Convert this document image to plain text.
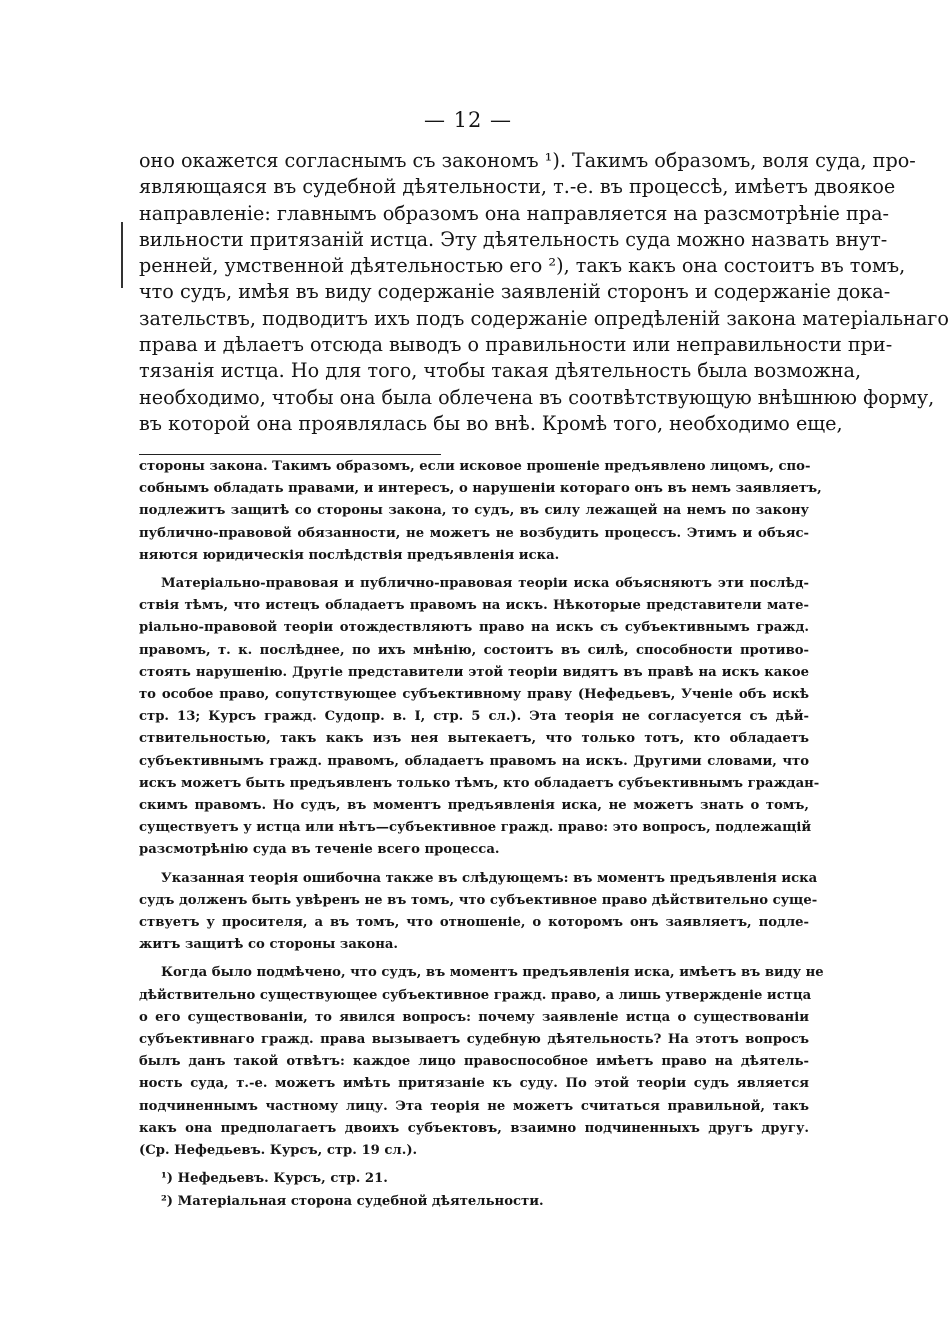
— 12 —
оно окажется согласнымъ съ закономъ ¹). Такимъ образомъ, воля суда, про-
являющаяся въ судебной дѣятельности, т.-е. въ процессѣ, имѣетъ двоякое
направленіе: главнымъ образомъ она направляется на разсмотрѣніе пра-
вильности притязаній истца. Эту дѣятельность суда можно назвать внут-
ренней, умственной дѣятельностью его ²), такъ какъ она состоитъ въ томъ,
что судъ, имѣя въ виду содержаніе заявленій сторонъ и содержаніе дока-
зательствъ, подводитъ ихъ подъ содержаніе опредѣленій закона матеріальнаго
права и дѣлаетъ отсюда выводъ о правильности или неправильности при-
тязанія истца. Но для того, чтобы такая дѣятельность была возможна,
необходимо, чтобы она была облечена въ соотвѣтствующую внѣшнюю форму,
въ которой она проявлялась бы во внѣ. Кромѣ того, необходимо еще,
стороны закона. Такимъ образомъ, если исковое прошеніе предъявлено лицомъ, спо-
собнымъ обладать правами, и интересъ, о нарушеніи котораго онъ въ немъ заявляетъ,
подлежитъ защитѣ со стороны закона, то судъ, въ силу лежащей на немъ по закону
публично-правовой обязанности, не можетъ не возбудить процессъ. Этимъ и объяс-
няются юридическія послѣдствія предъявленія иска.
Матеріально-правовая и публично-правовая теоріи иска объясняютъ эти послѣд-
ствія тѣмъ, что истецъ обладаетъ правомъ на искъ. Нѣкоторые представители мате-
ріально-правовой теоріи отождествляютъ право на искъ съ субъективнымъ гражд.
правомъ, т. к. послѣднее, по ихъ мнѣнію, состоитъ въ силѣ, способности противо-
стоять нарушенію. Другіе представители этой теоріи видятъ въ правѣ на искъ какое
то особое право, сопутствующее субъективному праву (Нефедьевъ, Ученіе объ искѣ
стр. 13; Курсъ гражд. Судопр. в. I, стр. 5 сл.). Эта теорія не согласуется съ дѣй-
ствительностью, такъ какъ изъ нея вытекаетъ, что только тотъ, кто обладаетъ
субъективнымъ гражд. правомъ, обладаетъ правомъ на искъ. Другими словами, что
искъ можетъ быть предъявленъ только тѣмъ, кто обладаетъ субъективнымъ граждан-
скимъ правомъ. Но судъ, въ моментъ предъявленія иска, не можетъ знать о томъ,
существуетъ у истца или нѣтъ—субъективное гражд. право: это вопросъ, подлежащій
разсмотрѣнію суда въ теченіе всего процесса.
Указанная теорія ошибочна также въ слѣдующемъ: въ моментъ предъявленія иска
судъ долженъ быть увѣренъ не въ томъ, что субъективное право дѣйствительно суще-
ствуетъ у просителя, а въ томъ, что отношеніе, о которомъ онъ заявляетъ, подле-
житъ защитѣ со стороны закона.
Когда было подмѣчено, что судъ, въ моментъ предъявленія иска, имѣетъ въ виду не
дѣйствительно существующее субъективное гражд. право, а лишь утвержденіе истца
о его существованіи, то явился вопросъ: почему заявленіе истца о существованіи
субъективнаго гражд. права вызываетъ судебную дѣятельность? На этотъ вопросъ
былъ данъ такой отвѣтъ: каждое лицо правоспособное имѣетъ право на дѣятель-
ность суда, т.-е. можетъ имѣть притязаніе къ суду. По этой теоріи судъ является
подчиненнымъ частному лицу. Эта теорія не можетъ считаться правильной, такъ
какъ она предполагаетъ двоихъ субъектовъ, взаимно подчиненныхъ другъ другу.
(Ср. Нефедьевъ. Курсъ, стр. 19 сл.).
¹) Нефедьевъ. Курсъ, стр. 21.
²) Матеріальная сторона судебной дѣятельности.
